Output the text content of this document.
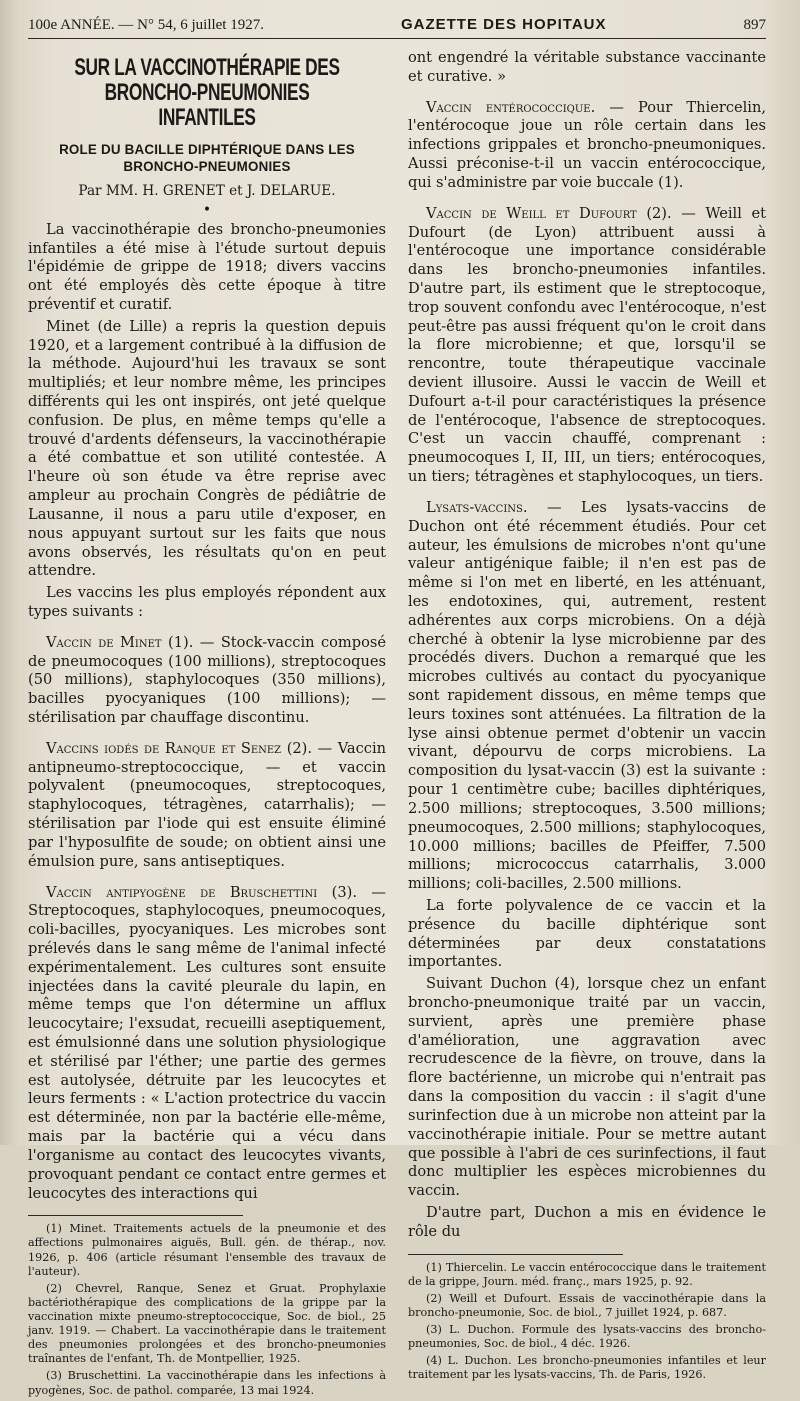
100e ANNÉE. — N° 54, 6 juillet 1927.	GAZETTE DES HOPITAUX	897
SUR LA VACCINOTHÉRAPIE DES BRONCHO-PNEUMONIES
INFANTILES
ROLE DU BACILLE DIPHTÉRIQUE DANS LES BRONCHO-PNEUMONIES
Par MM. H. GRENET et J. DELARUE.
•

La vaccinothérapie des broncho-pneumonies infantiles a été mise à l'étude surtout depuis l'épidémie de grippe de 1918; divers vaccins ont été employés dès cette époque à titre préventif et curatif.

Minet (de Lille) a repris la question depuis 1920, et a largement contribué à la diffusion de la méthode. Aujourd'hui les travaux se sont multipliés; et leur nombre même, les principes différents qui les ont inspirés, ont jeté quelque confusion. De plus, en même temps qu'elle a trouvé d'ardents défenseurs, la vaccinothérapie a été combattue et son utilité contestée. A l'heure où son étude va être reprise avec ampleur au prochain Congrès de pédiâtrie de Lausanne, il nous a paru utile d'exposer, en nous appuyant surtout sur les faits que nous avons observés, les résultats qu'on en peut attendre.

Les vaccins les plus employés répondent aux types suivants :

Vaccin de Minet (1). — Stock-vaccin composé de pneumocoques (100 millions), streptocoques (50 millions), staphylocoques (350 millions), bacilles pyocyaniques (100 millions); — stérilisation par chauffage discontinu.

Vaccins iodés de Ranque et Senez (2). — Vaccin antipneumo-streptococcique, — et vaccin polyvalent (pneumocoques, streptocoques, staphylocoques, tétragènes, catarrhalis); — stérilisation par l'iode qui est ensuite éliminé par l'hyposulfite de soude; on obtient ainsi une émulsion pure, sans antiseptiques.

Vaccin antipyogène de Bruschettini (3). — Streptocoques, staphylocoques, pneumocoques, coli-bacilles, pyocyaniques. Les microbes sont prélevés dans le sang même de l'animal infecté expérimentalement. Les cultures sont ensuite injectées dans la cavité pleurale du lapin, en même temps que l'on détermine un afflux leucocytaire; l'exsudat, recueilli aseptiquement, est émulsionné dans une solution physiologique et stérilisé par l'éther; une partie des germes est autolysée, détruite par les leucocytes et leurs ferments : « L'action protectrice du vaccin est déterminée, non par la bactérie elle-même, mais par la bactérie qui a vécu dans l'organisme au contact des leucocytes vivants, provoquant pendant ce contact entre germes et leucocytes des interactions qui

(1) Minet. Traitements actuels de la pneumonie et des affections pulmonaires aiguës, Bull. gén. de thérap., nov. 1926, p. 406 (article résumant l'ensemble des travaux de l'auteur).

(2) Chevrel, Ranque, Senez et Gruat. Prophylaxie bactériothérapique des complications de la grippe par la vaccination mixte pneumo-streptococcique, Soc. de biol., 25 janv. 1919. — Chabert. La vaccinothérapie dans le traitement des pneumonies prolongées et des broncho-pneumonies traînantes de l'enfant, Th. de Montpellier, 1925.

(3) Bruschettini. La vaccinothérapie dans les infections à pyogènes, Soc. de pathol. comparée, 13 mai 1924.

ont engendré la véritable substance vaccinante et curative. »

Vaccin entérococcique. — Pour Thiercelin, l'entérocoque joue un rôle certain dans les infections grippales et broncho-pneumoniques. Aussi préconise-t-il un vaccin entérococcique, qui s'administre par voie buccale (1).

Vaccin de Weill et Dufourt (2). — Weill et Dufourt (de Lyon) attribuent aussi à l'entérocoque une importance considérable dans les broncho-pneumonies infantiles. D'autre part, ils estiment que le streptocoque, trop souvent confondu avec l'entérocoque, n'est peut-être pas aussi fréquent qu'on le croit dans la flore microbienne; et que, lorsqu'il se rencontre, toute thérapeutique vaccinale devient illusoire. Aussi le vaccin de Weill et Dufourt a-t-il pour caractéristiques la présence de l'entérocoque, l'absence de streptocoques. C'est un vaccin chauffé, comprenant : pneumocoques I, II, III, un tiers; entérocoques, un tiers; tétragènes et staphylocoques, un tiers.

Lysats-vaccins. — Les lysats-vaccins de Duchon ont été récemment étudiés. Pour cet auteur, les émulsions de microbes n'ont qu'une valeur antigénique faible; il n'en est pas de même si l'on met en liberté, en les atténuant, les endotoxines, qui, autrement, restent adhérentes aux corps microbiens. On a déjà cherché à obtenir la lyse microbienne par des procédés divers. Duchon a remarqué que les microbes cultivés au contact du pyocyanique sont rapidement dissous, en même temps que leurs toxines sont atténuées. La filtration de la lyse ainsi obtenue permet d'obtenir un vaccin vivant, dépourvu de corps microbiens. La composition du lysat-vaccin (3) est la suivante : pour 1 centimètre cube; bacilles diphtériques, 2.500 millions; streptocoques, 3.500 millions; pneumocoques, 2.500 millions; staphylocoques, 10.000 millions; bacilles de Pfeiffer, 7.500 millions; micrococcus catarrhalis, 3.000 millions; coli-bacilles, 2.500 millions.

La forte polyvalence de ce vaccin et la présence du bacille diphtérique sont déterminées par deux constatations importantes.

Suivant Duchon (4), lorsque chez un enfant broncho-pneumonique traité par un vaccin, survient, après une première phase d'amélioration, une aggravation avec recrudescence de la fièvre, on trouve, dans la flore bactérienne, un microbe qui n'entrait pas dans la composition du vaccin : il s'agit d'une surinfection due à un microbe non atteint par la vaccinothérapie initiale. Pour se mettre autant que possible à l'abri de ces surinfections, il faut donc multiplier les espèces microbiennes du vaccin.

D'autre part, Duchon a mis en évidence le rôle du

(1) Thiercelin. Le vaccin entérococcique dans le traitement de la grippe, Journ. méd. franç., mars 1925, p. 92.

(2) Weill et Dufourt. Essais de vaccinothérapie dans la broncho-pneumonie, Soc. de biol., 7 juillet 1924, p. 687.

(3) L. Duchon. Formule des lysats-vaccins des broncho-pneumonies, Soc. de biol., 4 déc. 1926.

(4) L. Duchon. Les broncho-pneumonies infantiles et leur traitement par les lysats-vaccins, Th. de Paris, 1926.
